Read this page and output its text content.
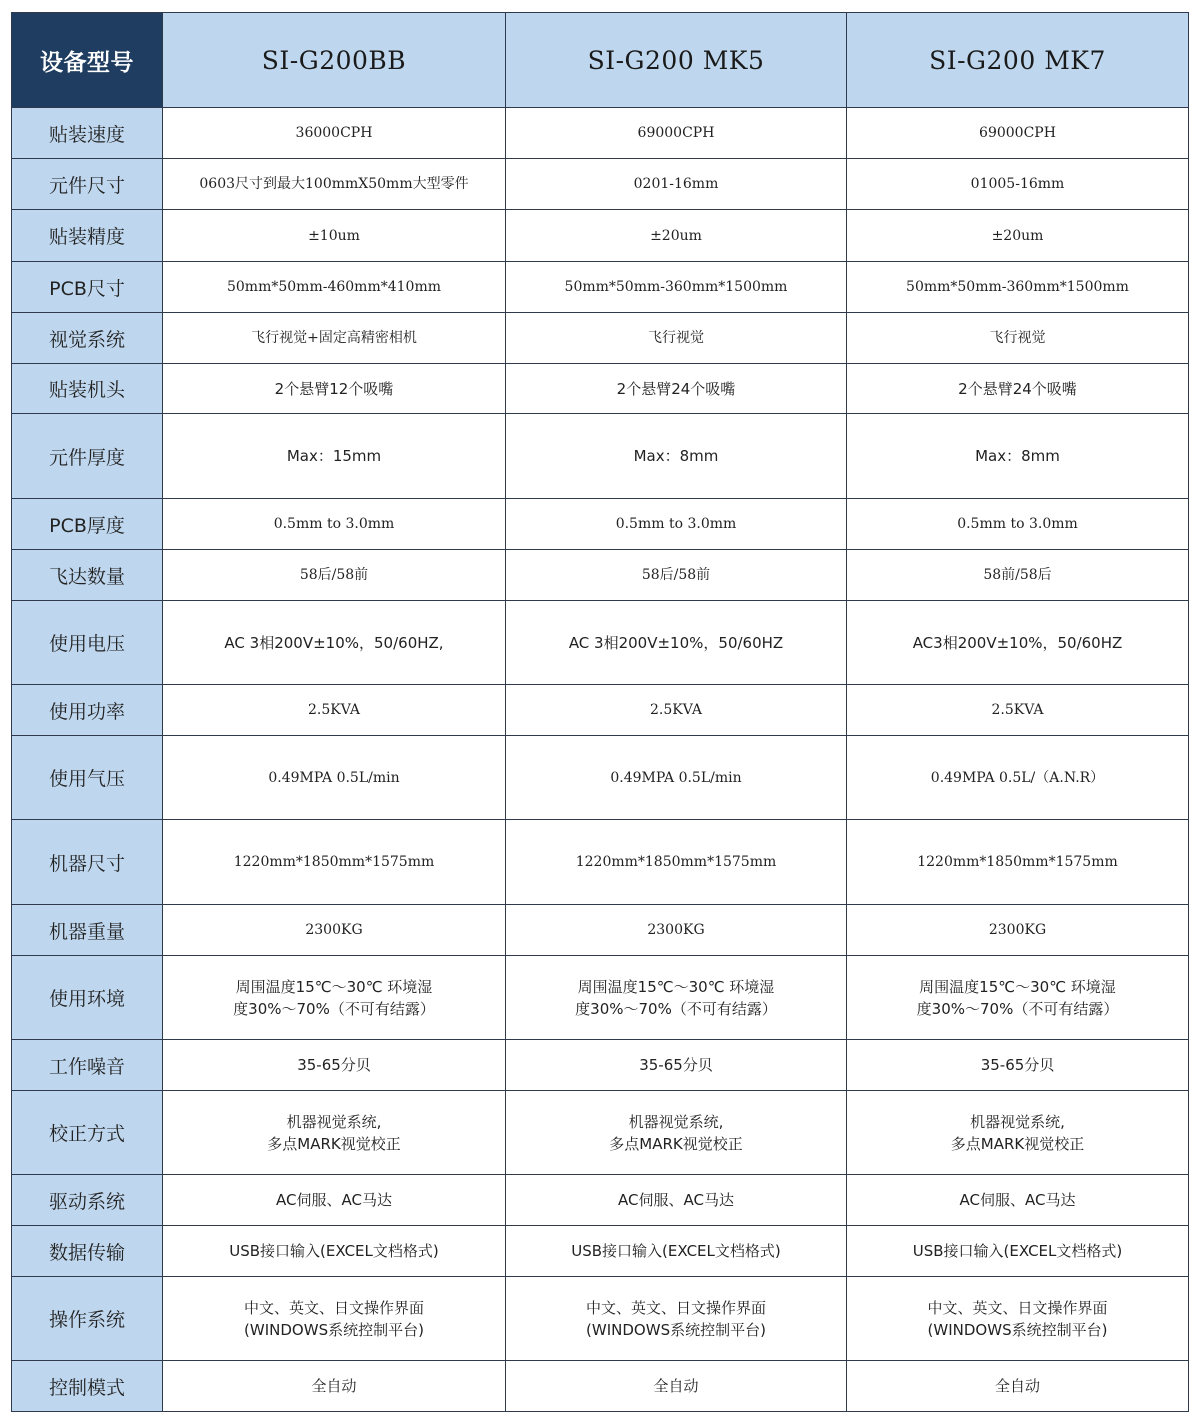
设备型号	SI-G200BB	SI-G200 MK5	SI-G200 MK7
贴装速度	36000CPH	69000CPH	69000CPH

元件尺寸	0603尺寸到最大100mmX50mm大型零件	0201-16mm	01005-16mm

贴装精度	±10um	±20um	±20um

PCB尺寸	50mm*50mm-460mm*410mm	50mm*50mm-360mm*1500mm	50mm*50mm-360mm*1500mm

视觉系统	飞行视觉+固定高精密相机	飞行视觉	飞行视觉

贴装机头	2个悬臂12个吸嘴	2个悬臂24个吸嘴	2个悬臂24个吸嘴

元件厚度	Max：15mm	Max：8mm	Max：8mm

PCB厚度	0.5mm to 3.0mm	0.5mm to 3.0mm	0.5mm to 3.0mm

飞达数量	58后/58前	58后/58前	58前/58后

使用电压	AC 3相200V±10%，50/60HZ,	AC 3相200V±10%，50/60HZ	AC3相200V±10%，50/60HZ

使用功率	2.5KVA	2.5KVA	2.5KVA

使用气压	0.49MPA 0.5L/min	0.49MPA 0.5L/min	0.49MPA 0.5L/（A.N.R）

机器尺寸	1220mm*1850mm*1575mm	1220mm*1850mm*1575mm	1220mm*1850mm*1575mm

机器重量	2300KG	2300KG	2300KG

使用环境	周围温度15℃～30℃ 环境湿
度30%～70%（不可有结露）	周围温度15℃～30℃ 环境湿
度30%～70%（不可有结露）	周围温度15℃～30℃ 环境湿
度30%～70%（不可有结露）

工作噪音	35-65分贝	35-65分贝	35-65分贝

校正方式	机器视觉系统,
多点MARK视觉校正	机器视觉系统,
多点MARK视觉校正	机器视觉系统,
多点MARK视觉校正

驱动系统	AC伺服、AC马达	AC伺服、AC马达	AC伺服、AC马达

数据传输	USB接口输入(EXCEL文档格式)	USB接口输入(EXCEL文档格式)	USB接口输入(EXCEL文档格式)

操作系统	中文、英文、日文操作界面
(WINDOWS系统控制平台)	中文、英文、日文操作界面
(WINDOWS系统控制平台)	中文、英文、日文操作界面
(WINDOWS系统控制平台)

控制模式	全自动	全自动	全自动
